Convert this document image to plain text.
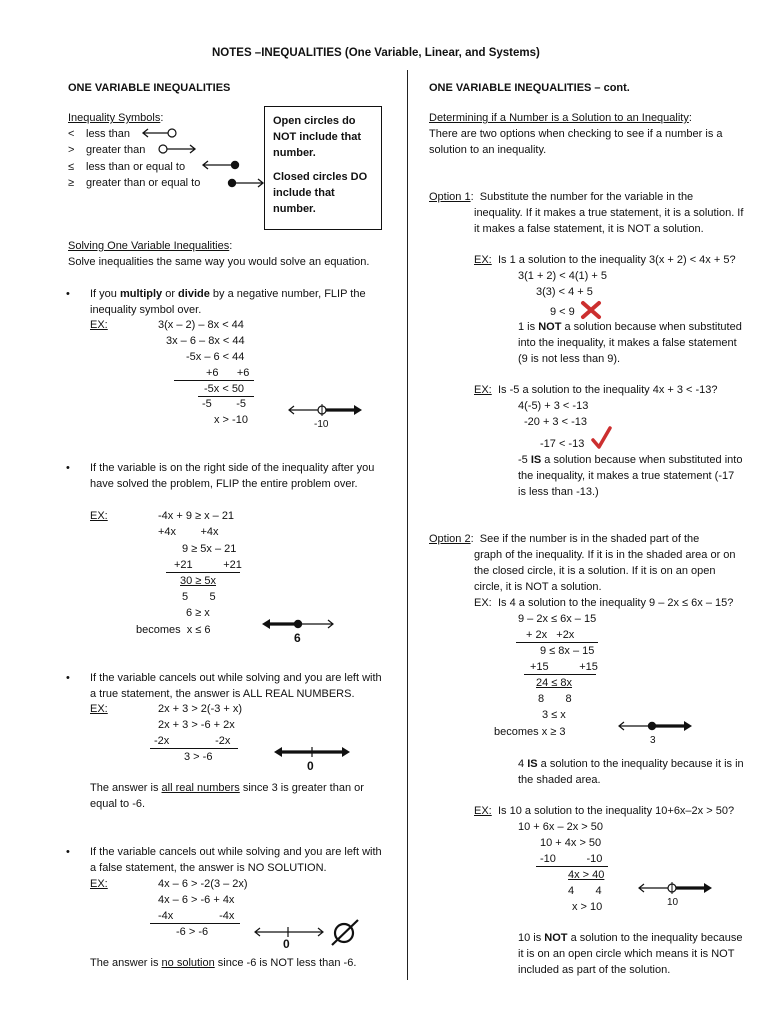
NOTES –INEQUALITIES (One Variable, Linear, and Systems)
ONE VARIABLE INEQUALITIES
Inequality Symbols:
< less than
> greater than
≤ less than or equal to
≥ greater than or equal to
Open circles do NOT include that number.
Closed circles DO include that number.
Solving One Variable Inequalities:
Solve inequalities the same way you would solve an equation.
• If you multiply or divide by a negative number, FLIP the inequality symbol over.
EX:	3(x – 2) – 8x < 44
3x – 6 – 8x < 44
-5x – 6 < 44
+6      +6
-5x < 50
-5        -5
x > -10	-10
• If the variable is on the right side of the inequality after you have solved the problem, FLIP the entire problem over.
EX:	-4x + 9 ≥ x – 21
+4x        +4x
9 ≥ 5x – 21
+21          +21
30 ≥ 5x
5       5
6 ≥ x
becomes  x ≤ 6
6
• If the variable cancels out while solving and you are left with a true statement, the answer is ALL REAL NUMBERS.
EX:	2x + 3 > 2(-3 + x)
2x + 3 > -6 + 2x
-2x               -2x
3 > -6
0
The answer is all real numbers since 3 is greater than or equal to -6.
• If the variable cancels out while solving and you are left with a false statement, the answer is NO SOLUTION.
EX:	4x – 6 > -2(3 – 2x)
4x – 6 > -6 + 4x
-4x               -4x
-6 > -6
0
The answer is no solution since -6 is NOT less than -6.
ONE VARIABLE INEQUALITIES – cont.
Determining if a Number is a Solution to an Inequality:
There are two options when checking to see if a number is a solution to an inequality.
Option 1:  Substitute the number for the variable in the
inequality. If it makes a true statement, it is a solution. If it makes a false statement, it is NOT a solution.
EX: Is 1 a solution to the inequality 3(x + 2) < 4x + 5?
3(1 + 2) < 4(1) + 5
3(3) < 4 + 5
9 < 9
1 is NOT a solution because when substituted into the inequality, it makes a false statement (9 is not less than 9).
EX: Is -5 a solution to the inequality 4x + 3 < -13?
4(-5) + 3 < -13
-20 + 3 < -13
-17 < -13
-5 IS a solution because when substituted into the inequality, it makes a true statement (-17 is less than -13.)
Option 2:  See if the number is in the shaded part of the
graph of the inequality. If it is in the shaded area or on the closed circle, it is a solution. If it is on an open circle, it is NOT a solution.
EX: Is 4 a solution to the inequality 9 – 2x ≤ 6x – 15?
9 – 2x ≤ 6x – 15
+ 2x   +2x
9 ≤ 8x – 15
+15          +15
24 ≤ 8x
8       8
3 ≤ x
becomes x ≥ 3
3
4 IS a solution to the inequality because it is in the shaded area.
EX: Is 10 a solution to the inequality 10+6x–2x > 50?
10 + 6x – 2x > 50
10 + 4x > 50
-10          -10
4x > 40
4       4
x > 10	10
10 is NOT a solution to the inequality because it is on an open circle which means it is NOT included as part of the solution.
